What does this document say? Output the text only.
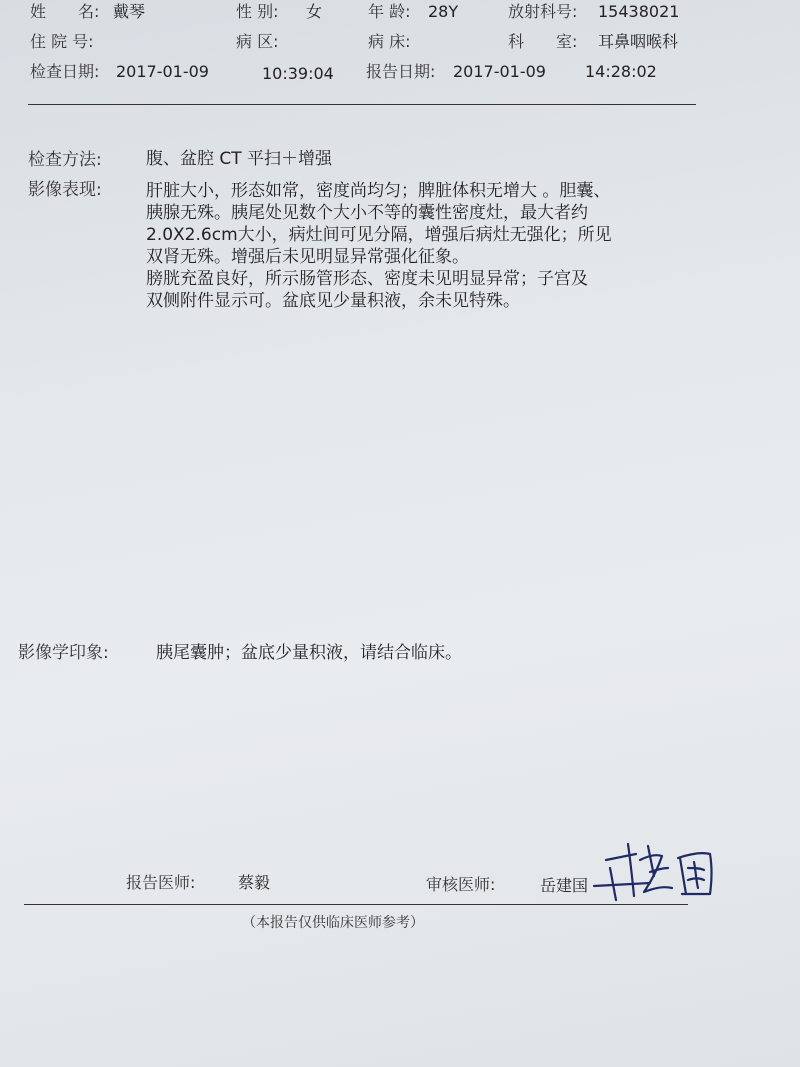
姓　　名: 戴琴	性 别: 女	年 龄: 28Y	放射科号: 15438021
住 院 号:	病 区:	病 床:	科　　室: 耳鼻咽喉科
检查日期: 2017-01-09	10:39:04 报告日期: 2017-01-09 14:28:02
检查方法:	腹、盆腔 CT 平扫＋增强
影像表现:	肝脏大小，形态如常，密度尚均匀；脾脏体积无增大 。胆囊、
胰腺无殊。胰尾处见数个大小不等的囊性密度灶，最大者约
2.0X2.6cm大小，病灶间可见分隔，增强后病灶无强化；所见
双肾无殊。增强后未见明显异常强化征象。
膀胱充盈良好，所示肠管形态、密度未见明显异常；子宫及
双侧附件显示可。盆底见少量积液，余未见特殊。
影像学印象:	胰尾囊肿；盆底少量积液，请结合临床。
报告医师:	蔡毅	审核医师:	岳建国
（本报告仅供临床医师参考）
